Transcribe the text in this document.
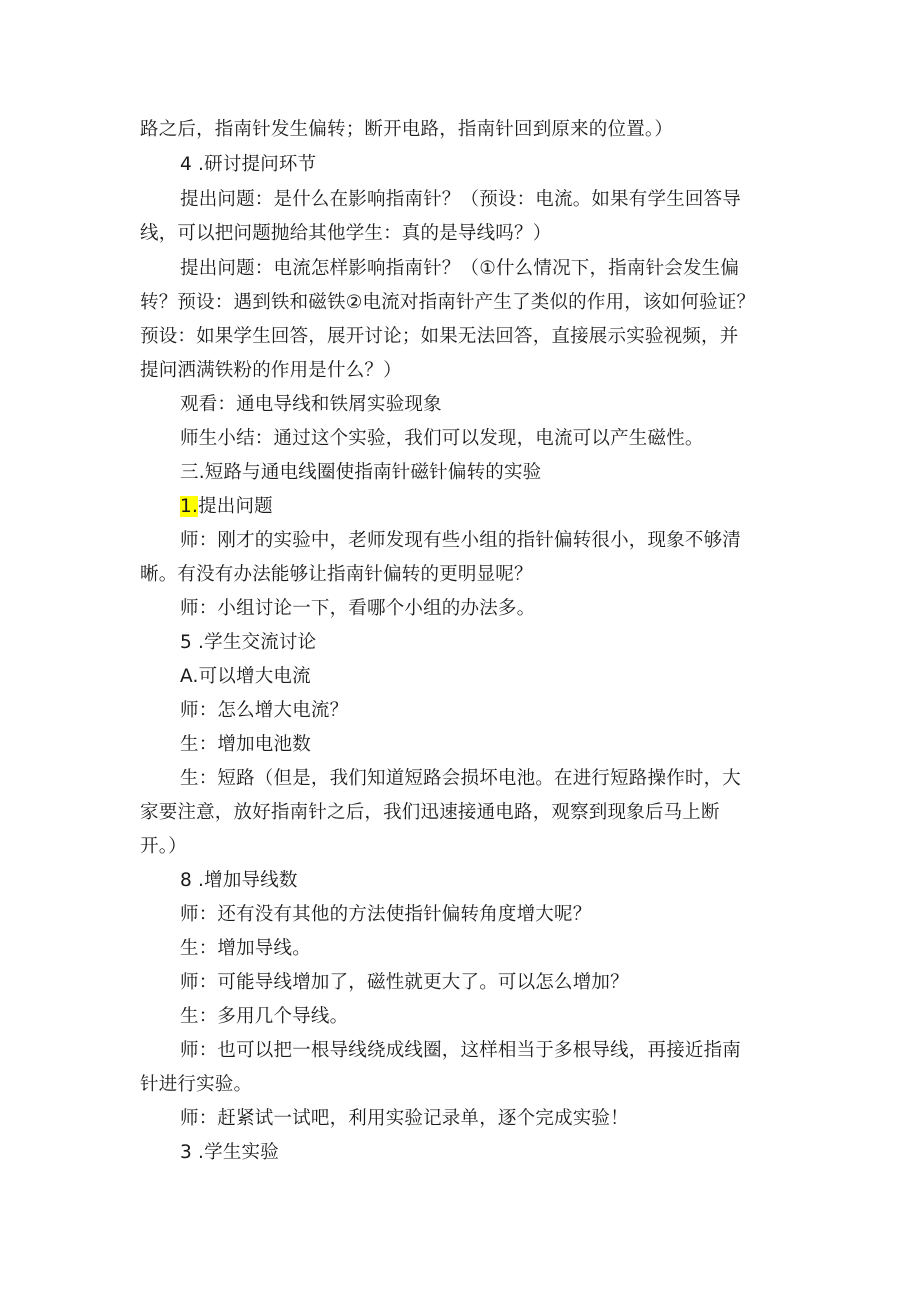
路之后，指南针发生偏转；断开电路，指南针回到原来的位置。）
4 .研讨提问环节
提出问题：是什么在影响指南针？（预设：电流。如果有学生回答导
线，可以把问题抛给其他学生：真的是导线吗？）
提出问题：电流怎样影响指南针？（①什么情况下，指南针会发生偏
转？预设：遇到铁和磁铁②电流对指南针产生了类似的作用，该如何验证？
预设：如果学生回答，展开讨论；如果无法回答，直接展示实验视频，并
提问洒满铁粉的作用是什么？）
观看：通电导线和铁屑实验现象
师生小结：通过这个实验，我们可以发现，电流可以产生磁性。
三.短路与通电线圈使指南针磁针偏转的实验
1.提出问题
师：刚才的实验中，老师发现有些小组的指针偏转很小，现象不够清
晰。有没有办法能够让指南针偏转的更明显呢？
师：小组讨论一下，看哪个小组的办法多。
5 .学生交流讨论
A.可以增大电流
师：怎么增大电流？
生：增加电池数
生：短路（但是，我们知道短路会损坏电池。在进行短路操作时，大
家要注意，放好指南针之后，我们迅速接通电路，观察到现象后马上断
开。）
8 .增加导线数
师：还有没有其他的方法使指针偏转角度增大呢？
生：增加导线。
师：可能导线增加了，磁性就更大了。可以怎么增加？
生：多用几个导线。
师：也可以把一根导线绕成线圈，这样相当于多根导线，再接近指南
针进行实验。
师：赶紧试一试吧，利用实验记录单，逐个完成实验！
3 .学生实验
